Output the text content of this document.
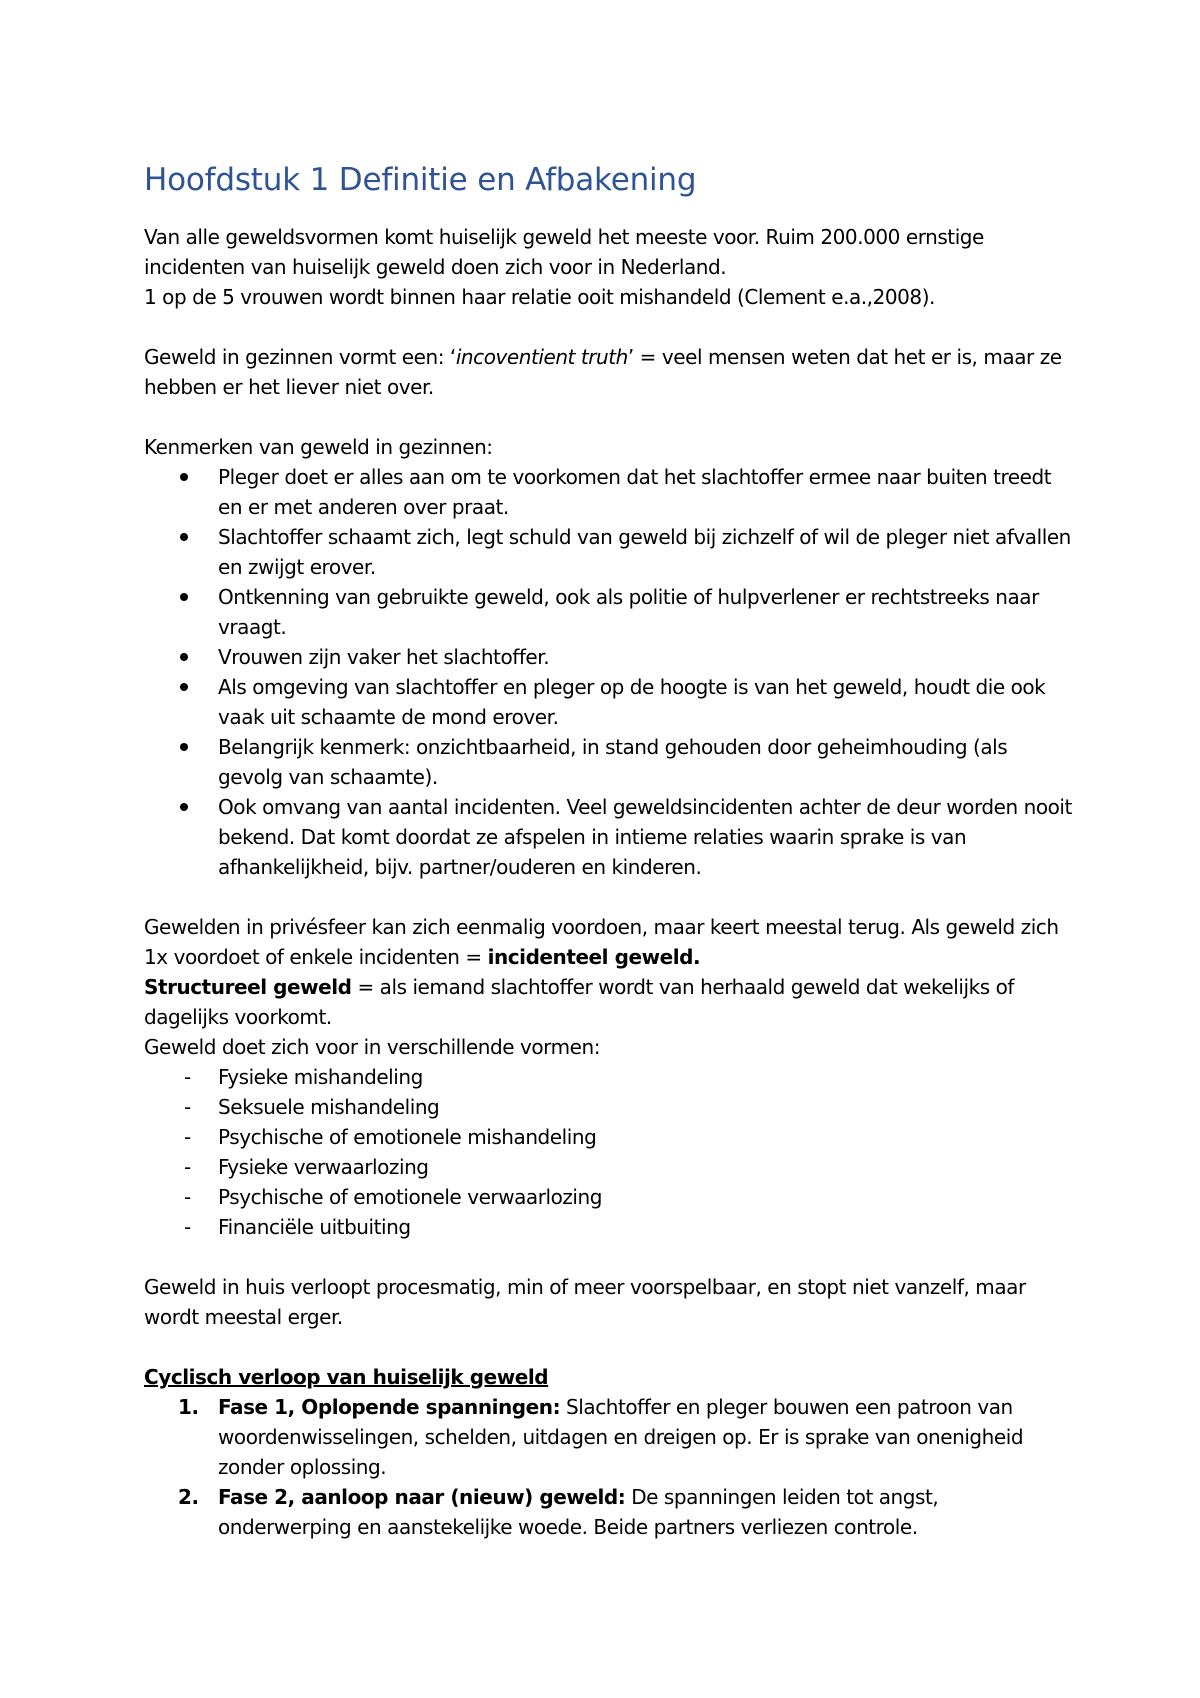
Hoofdstuk 1 Definitie en Afbakening

Van alle geweldsvormen komt huiselijk geweld het meeste voor. Ruim 200.000 ernstige incidenten van huiselijk geweld doen zich voor in Nederland.
1 op de 5 vrouwen wordt binnen haar relatie ooit mishandeld (Clement e.a.,2008).

Geweld in gezinnen vormt een: ‘incoventient truth’ = veel mensen weten dat het er is, maar ze hebben er het liever niet over.

Kenmerken van geweld in gezinnen:

Pleger doet er alles aan om te voorkomen dat het slachtoffer ermee naar buiten treedt en er met anderen over praat.
Slachtoffer schaamt zich, legt schuld van geweld bij zichzelf of wil de pleger niet afvallen en zwijgt erover.
Ontkenning van gebruikte geweld, ook als politie of hulpverlener er rechtstreeks naar vraagt.
Vrouwen zijn vaker het slachtoffer.
Als omgeving van slachtoffer en pleger op de hoogte is van het geweld, houdt die ook vaak uit schaamte de mond erover.
Belangrijk kenmerk: onzichtbaarheid, in stand gehouden door geheimhouding (als gevolg van schaamte).
Ook omvang van aantal incidenten. Veel geweldsincidenten achter de deur worden nooit bekend. Dat komt doordat ze afspelen in intieme relaties waarin sprake is van afhankelijkheid, bijv. partner/ouderen en kinderen.

Gewelden in privésfeer kan zich eenmalig voordoen, maar keert meestal terug. Als geweld zich 1x voordoet of enkele incidenten = incidenteel geweld.

Structureel geweld = als iemand slachtoffer wordt van herhaald geweld dat wekelijks of dagelijks voorkomt.

Geweld doet zich voor in verschillende vormen:

- Fysieke mishandeling
- Seksuele mishandeling
- Psychische of emotionele mishandeling
- Fysieke verwaarlozing
- Psychische of emotionele verwaarlozing
- Financiële uitbuiting

Geweld in huis verloopt procesmatig, min of meer voorspelbaar, en stopt niet vanzelf, maar wordt meestal erger.

Cyclisch verloop van huiselijk geweld

1. Fase 1, Oplopende spanningen: Slachtoffer en pleger bouwen een patroon van woordenwisselingen, schelden, uitdagen en dreigen op. Er is sprake van onenigheid zonder oplossing.
2. Fase 2, aanloop naar (nieuw) geweld: De spanningen leiden tot angst, onderwerping en aanstekelijke woede. Beide partners verliezen controle.
